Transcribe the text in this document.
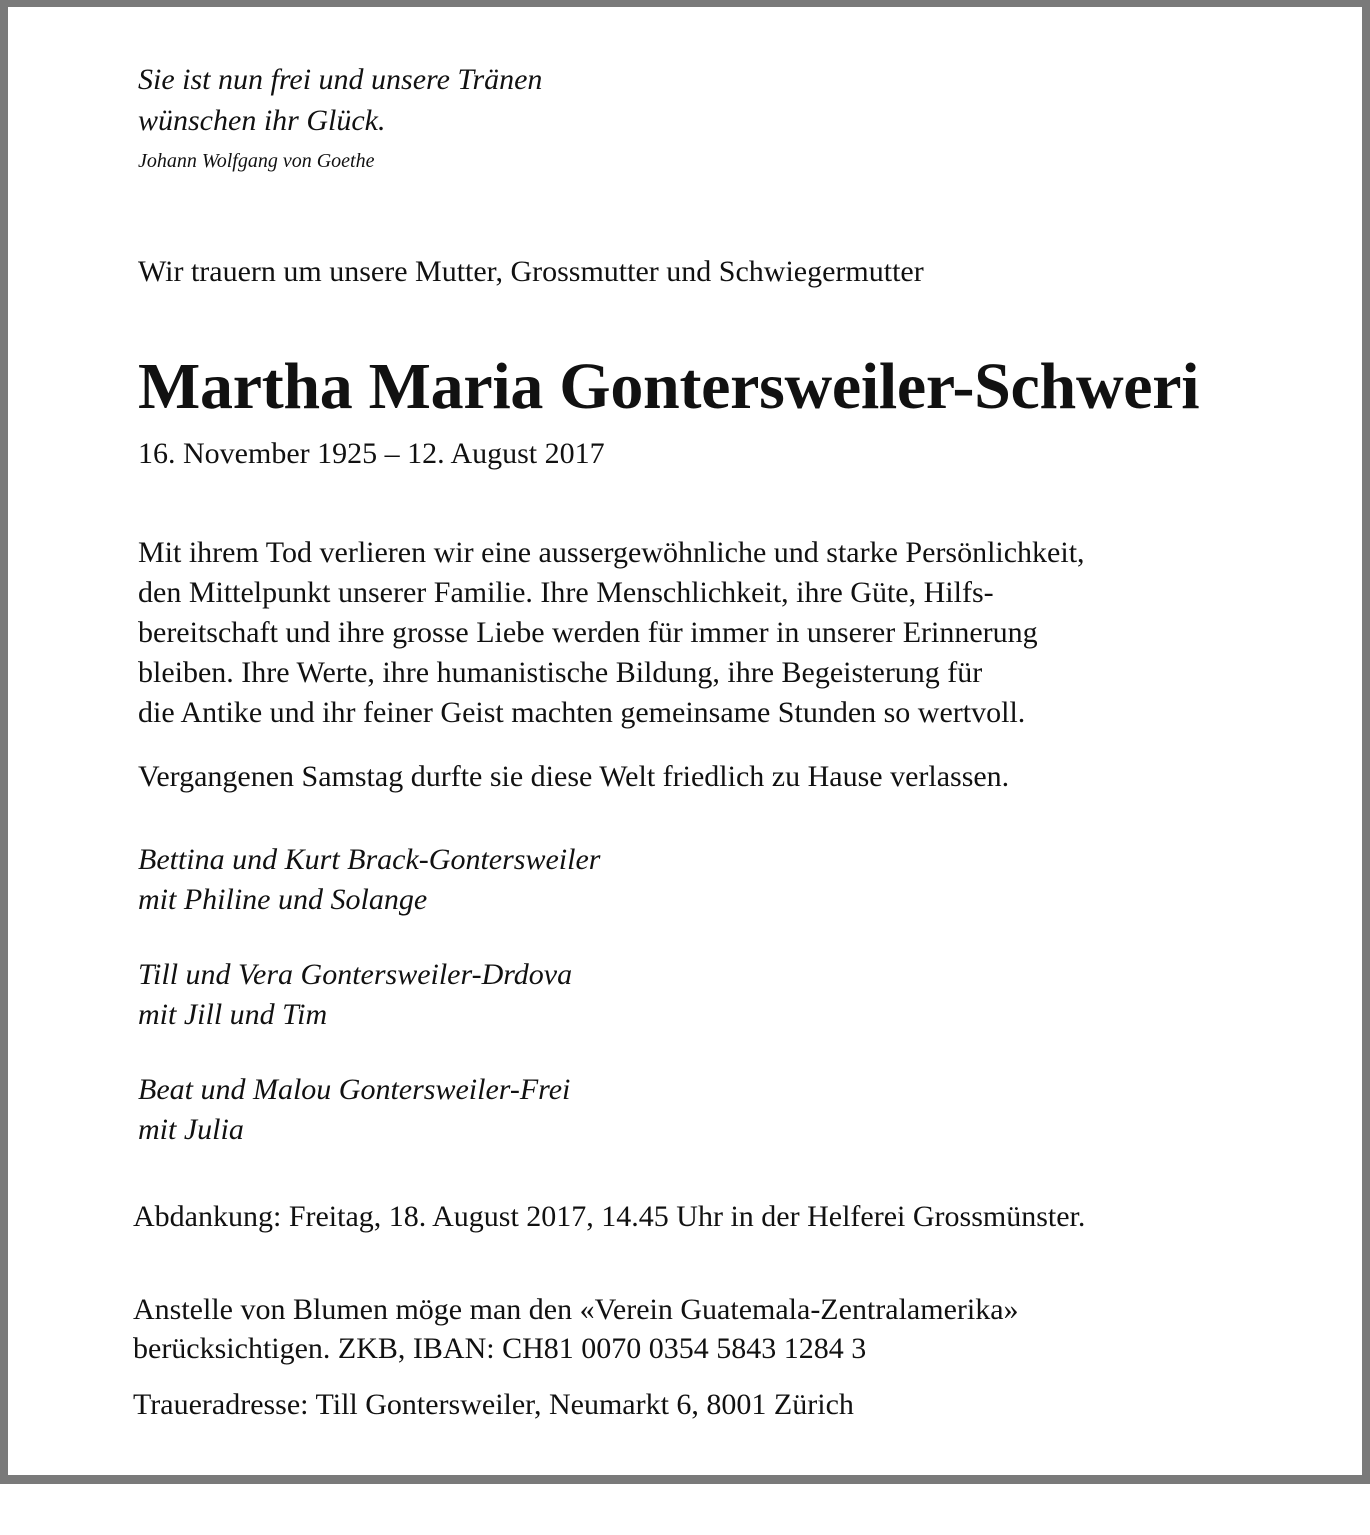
Sie ist nun frei und unsere Tränen
wünschen ihr Glück.

Johann Wolfgang von Goethe

Wir trauern um unsere Mutter, Grossmutter und Schwiegermutter

Martha Maria Gontersweiler-Schweri

16. November 1925 – 12. August 2017

Mit ihrem Tod verlieren wir eine aussergewöhnliche und starke Persönlichkeit,
den Mittelpunkt unserer Familie. Ihre Menschlichkeit, ihre Güte, Hilfs-
bereitschaft und ihre grosse Liebe werden für immer in unserer Erinnerung
bleiben. Ihre Werte, ihre humanistische Bildung, ihre Begeisterung für
die Antike und ihr feiner Geist machten gemeinsame Stunden so wertvoll.

Vergangenen Samstag durfte sie diese Welt friedlich zu Hause verlassen.

Bettina und Kurt Brack-Gontersweiler
mit Philine und Solange

Till und Vera Gontersweiler-Drdova
mit Jill und Tim

Beat und Malou Gontersweiler-Frei
mit Julia

Abdankung: Freitag, 18. August 2017, 14.45 Uhr in der Helferei Grossmünster.

Anstelle von Blumen möge man den «Verein Guatemala-Zentralamerika»
berücksichtigen. ZKB, IBAN: CH81 0070 0354 5843 1284 3

Traueradresse: Till Gontersweiler, Neumarkt 6, 8001 Zürich
